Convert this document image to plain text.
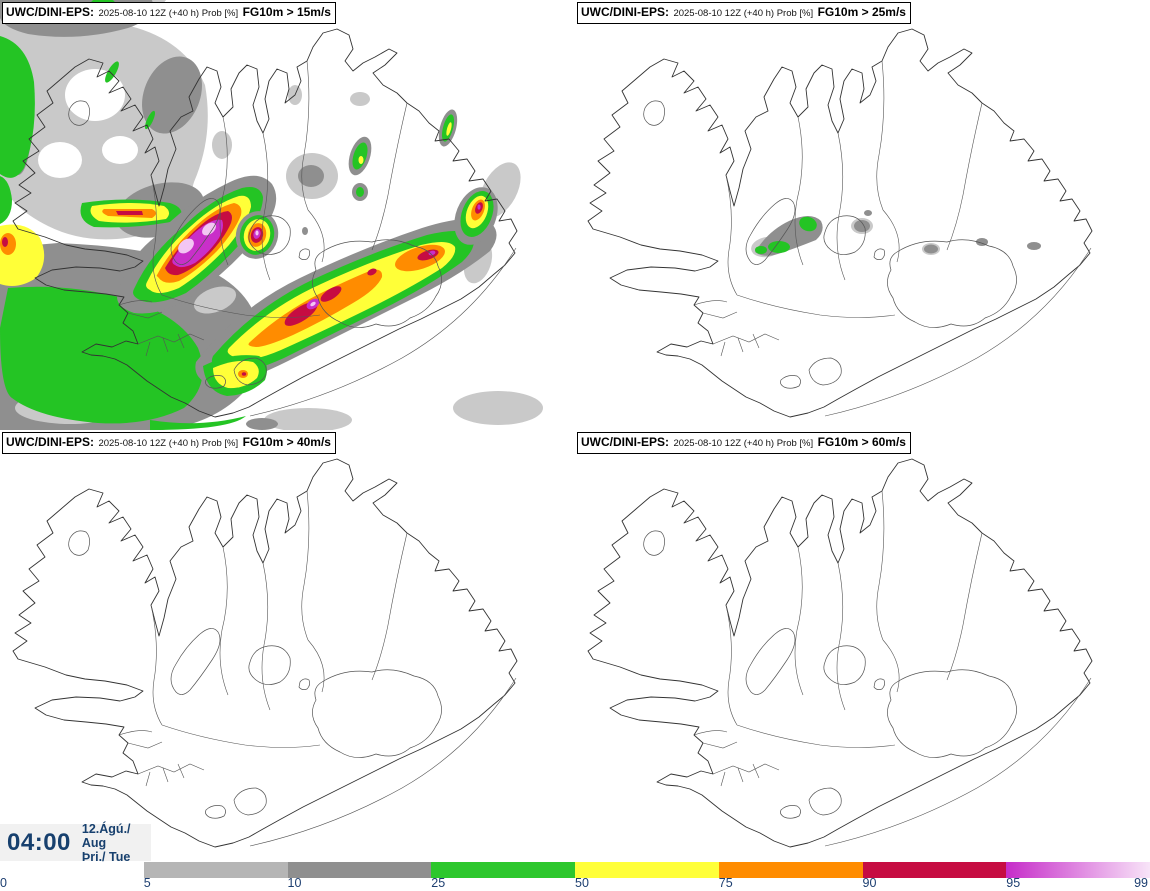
UWC/DINI-EPS: 2025-08-10 12Z (+40 h) Prob [%] FG10m > 15m/s	UWC/DINI-EPS: 2025-08-10 12Z (+40 h) Prob [%] FG10m > 25m/s
UWC/DINI-EPS: 2025-08-10 12Z (+40 h) Prob [%] FG10m > 40m/s	UWC/DINI-EPS: 2025-08-10 12Z (+40 h) Prob [%] FG10m > 60m/s
04:00 12.Ágú./ Aug
Þri./ Tue
0	5	10	25	50	75	90	95	99
